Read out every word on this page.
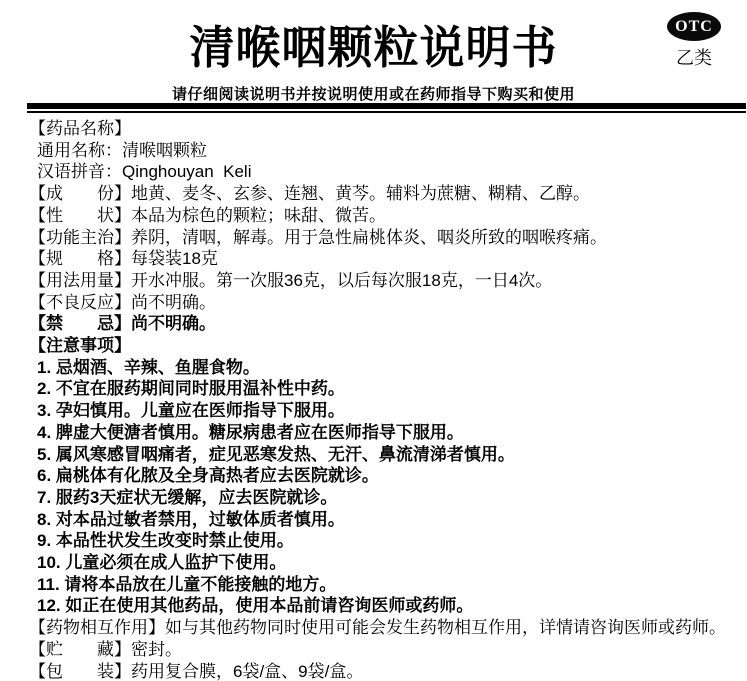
OTC
乙类
清喉咽颗粒说明书
请仔细阅读说明书并按说明使用或在药师指导下购买和使用

【药品名称】

通用名称：清喉咽颗粒

汉语拼音：Qinghouyan  Keli

【成　　份】地黄、麦冬、玄参、连翘、黄芩。辅料为蔗糖、糊精、乙醇。

【性　　状】本品为棕色的颗粒；味甜、微苦。

【功能主治】养阴，清咽，解毒。用于急性扁桃体炎、咽炎所致的咽喉疼痛。

【规　　格】每袋装18克

【用法用量】开水冲服。第一次服36克，以后每次服18克，一日4次。

【不良反应】尚不明确。

【禁　　忌】尚不明确。

【注意事项】

1. 忌烟酒、辛辣、鱼腥食物。

2. 不宜在服药期间同时服用温补性中药。

3. 孕妇慎用。儿童应在医师指导下服用。

4. 脾虚大便溏者慎用。糖尿病患者应在医师指导下服用。

5. 属风寒感冒咽痛者，症见恶寒发热、无汗、鼻流清涕者慎用。

6. 扁桃体有化脓及全身高热者应去医院就诊。

7. 服药3天症状无缓解，应去医院就诊。

8. 对本品过敏者禁用，过敏体质者慎用。

9. 本品性状发生改变时禁止使用。

10. 儿童必须在成人监护下使用。

11. 请将本品放在儿童不能接触的地方。

12. 如正在使用其他药品，使用本品前请咨询医师或药师。

【药物相互作用】如与其他药物同时使用可能会发生药物相互作用，详情请咨询医师或药师。

【贮　　藏】密封。

【包　　装】药用复合膜，6袋/盒、9袋/盒。
